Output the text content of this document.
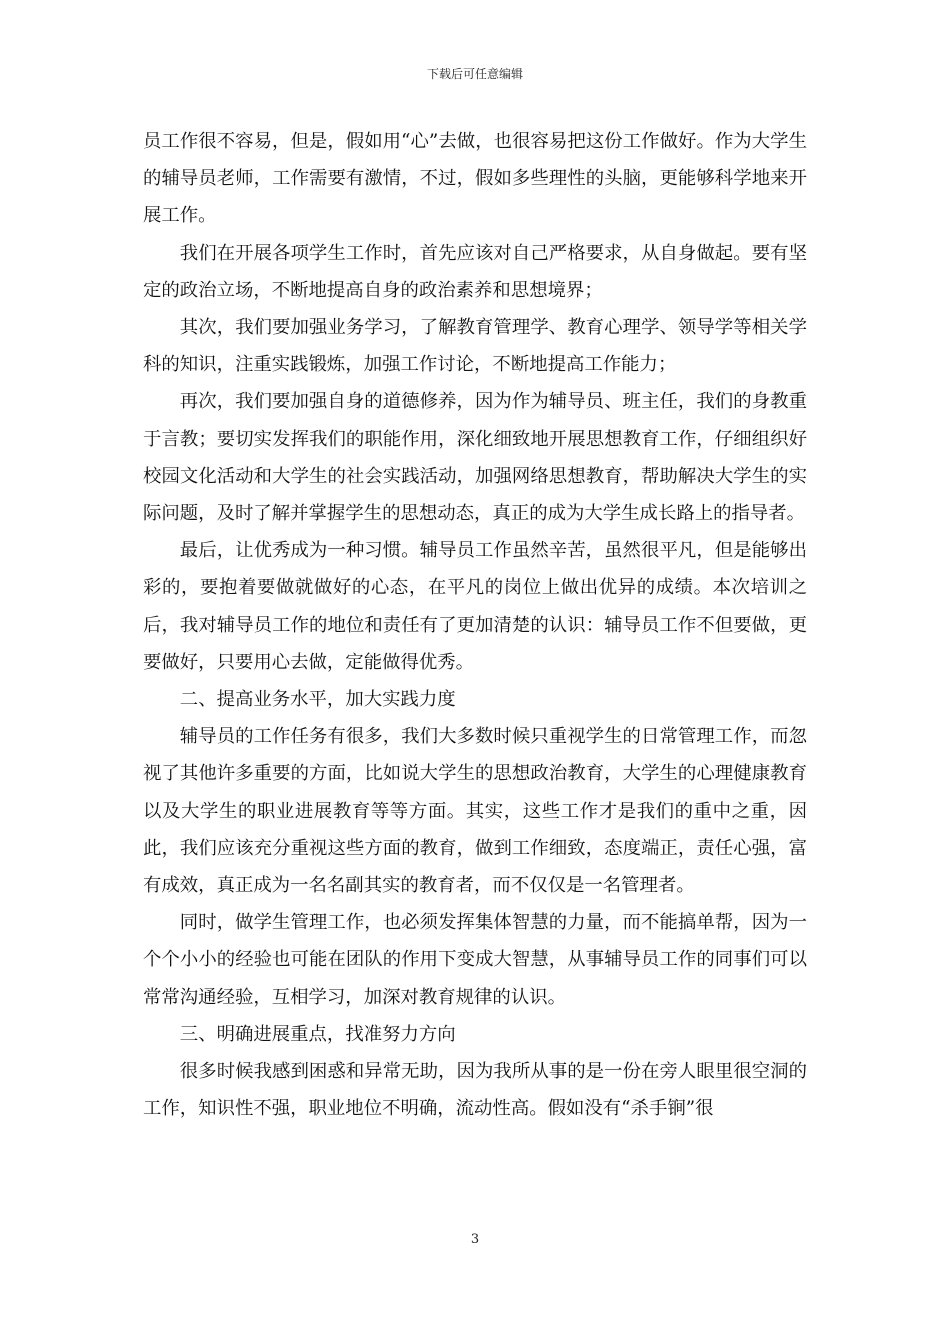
下载后可任意编辑

员工作很不容易，但是，假如用“心”去做，也很容易把这份工作做好。作为大学生的辅导员老师，工作需要有激情，不过，假如多些理性的头脑，更能够科学地来开展工作。

我们在开展各项学生工作时，首先应该对自己严格要求，从自身做起。要有坚定的政治立场，不断地提高自身的政治素养和思想境界；

其次，我们要加强业务学习，了解教育管理学、教育心理学、领导学等相关学科的知识，注重实践锻炼，加强工作讨论，不断地提高工作能力；

再次，我们要加强自身的道德修养，因为作为辅导员、班主任，我们的身教重于言教；要切实发挥我们的职能作用，深化细致地开展思想教育工作，仔细组织好校园文化活动和大学生的社会实践活动，加强网络思想教育，帮助解决大学生的实际问题，及时了解并掌握学生的思想动态，真正的成为大学生成长路上的指导者。

最后，让优秀成为一种习惯。辅导员工作虽然辛苦，虽然很平凡，但是能够出彩的，要抱着要做就做好的心态，在平凡的岗位上做出优异的成绩。本次培训之后，我对辅导员工作的地位和责任有了更加清楚的认识：辅导员工作不但要做，更要做好，只要用心去做，定能做得优秀。

二、提高业务水平，加大实践力度

辅导员的工作任务有很多，我们大多数时候只重视学生的日常管理工作，而忽视了其他许多重要的方面，比如说大学生的思想政治教育，大学生的心理健康教育以及大学生的职业进展教育等等方面。其实，这些工作才是我们的重中之重，因此，我们应该充分重视这些方面的教育，做到工作细致，态度端正，责任心强，富有成效，真正成为一名名副其实的教育者，而不仅仅是一名管理者。

同时，做学生管理工作，也必须发挥集体智慧的力量，而不能搞单帮，因为一个个小小的经验也可能在团队的作用下变成大智慧，从事辅导员工作的同事们可以常常沟通经验，互相学习，加深对教育规律的认识。

三、明确进展重点，找准努力方向

很多时候我感到困惑和异常无助，因为我所从事的是一份在旁人眼里很空洞的工作，知识性不强，职业地位不明确，流动性高。假如没有“杀手锏”很

3
